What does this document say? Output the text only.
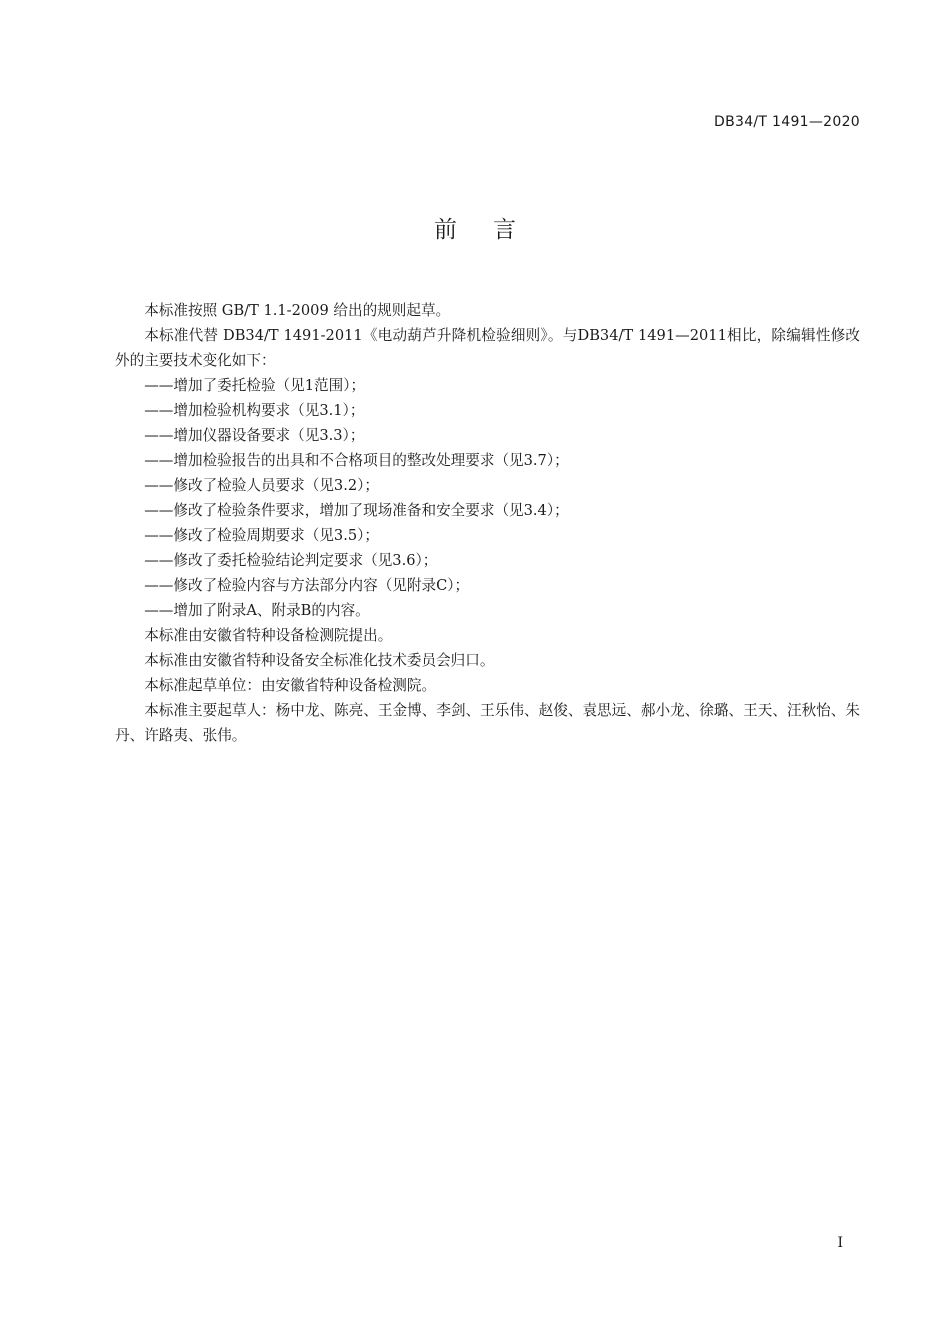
DB34/T 1491—2020
前言

本标准按照 GB/T 1.1-2009 给出的规则起草。

本标准代替 DB34/T 1491-2011《电动葫芦升降机检验细则》。与DB34/T 1491—2011相比，除编辑性修改外的主要技术变化如下：

——增加了委托检验（见1范围）；

——增加检验机构要求（见3.1）；

——增加仪器设备要求（见3.3）；

——增加检验报告的出具和不合格项目的整改处理要求（见3.7）；

——修改了检验人员要求（见3.2）；

——修改了检验条件要求，增加了现场准备和安全要求（见3.4）；

——修改了检验周期要求（见3.5）；

——修改了委托检验结论判定要求（见3.6）；

——修改了检验内容与方法部分内容（见附录C）；

——增加了附录A、附录B的内容。

本标准由安徽省特种设备检测院提出。

本标准由安徽省特种设备安全标准化技术委员会归口。

本标准起草单位：由安徽省特种设备检测院。

本标准主要起草人：杨中龙、陈亮、王金博、李剑、王乐伟、赵俊、袁思远、郝小龙、徐璐、王天、汪秋怡、朱丹、许路夷、张伟。

I
